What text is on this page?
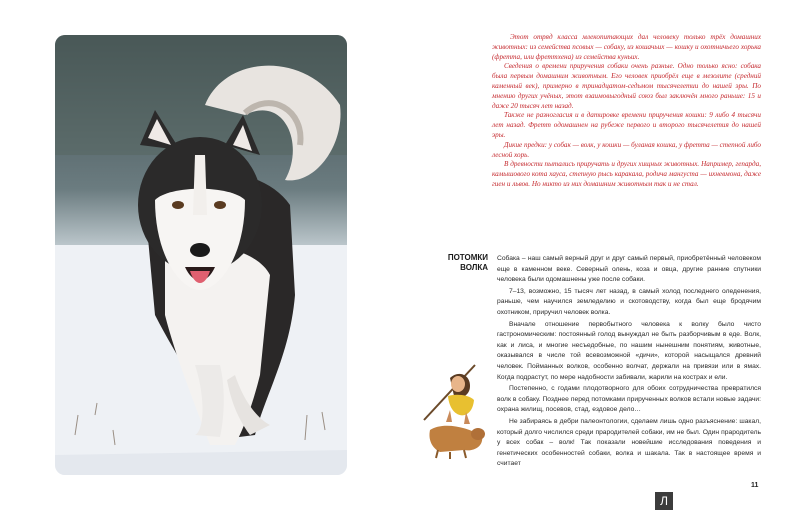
Этот отряд класса млекопитающих дал человеку только трёх домашних животных: из семейства псовых — собаку, из кошачьих — кошку и охотничьего хорька (фретта, или фреттхена) из семейства куньих.

Сведения о времени приручения собаки очень разные. Одно только ясно: собака была первым домашним животным. Его человек приобрёл еще в мезолите (средний каменный век), примерно в тринадцатом-седьмом тысячелетии до нашей эры. По мнению других учёных, этот взаимовыгодный союз был заключён много раньше: 15 и даже 20 тысяч лет назад.

Также не разногласия и в датировке времени приручения кошки: 9 либо 4 тысячи лет назад. Фретт одомашнен на рубеже первого и второго тысячелетия до нашей эры.

Дикие предки: у собак — волк, у кошки — буланая кошка, у фретта — степной либо лесной хорь.

В древности пытались приручать и других хищных животных. Например, гепарда, камышового кота хауса, степную рысь каракала, родича мангуста — ихневмона, даже гиен и львов. Но никто из них домашним животным так и не стал.

ПОТОМКИ
ВОЛКА

Собака – наш самый верный друг и друг самый первый, приобретённый человеком еще в каменном веке. Северный олень, коза и овца, другие ранние спутники человека были одомашнены уже после собаки.

7–13, возможно, 15 тысяч лет назад, в самый холод последнего оледенения, раньше, чем научился земледелию и скотоводству, когда был еще бродячим охотником, приручил человек волка.

Вначале отношение первобытного человека к волку было чисто гастрономическим: постоянный голод вынуждал не быть разборчивым в еде. Волк, как и лиса, и многие несъедобные, по нашим нынешним понятиям, животные, оказывался в числе той всевозможной «дичи», которой насыщался древний человек. Пойманных волков, особенно волчат, держали на привязи или в ямах. Когда подрастут, по мере надобности забивали, жарили на кострах и ели.

Постепенно, с годами плодотворного для обоих сотрудничества превратился волк в собаку. Позднее перед потомками прирученных волков встали новые задачи: охрана жилищ, посевов, стад, ездовое дело…

Не забираясь в дебри палеонтологии, сделаем лишь одно разъяснение: шакал, который долго числился среди прародителей собаки, им не был. Один прародитель у всех собак – волк! Так показали новейшие исследования поведения и генетических особенностей собаки, волка и шакала. Так в настоящее время и считает

11
Л
